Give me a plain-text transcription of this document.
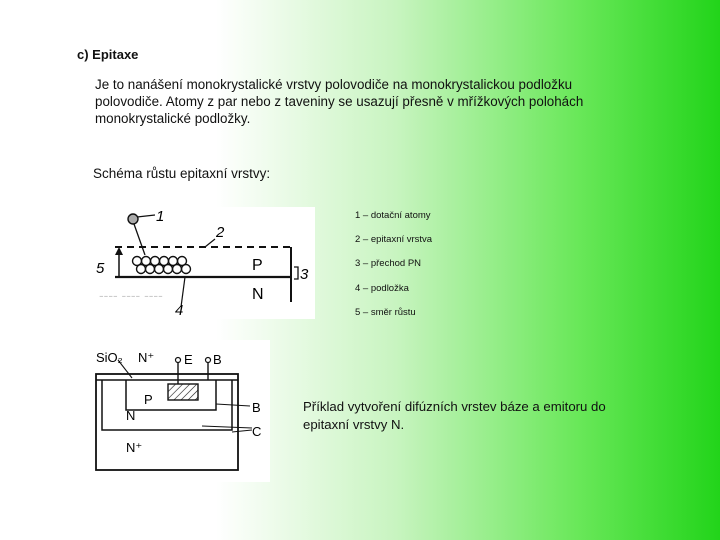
c) Epitaxe
Je to nanášení monokrystalické vrstvy polovodiče na monokrystalickou podložku polovodiče. Atomy z par nebo z taveniny se usazují přesně v mřížkových polohách monokrystalické podložky.
Schéma růstu epitaxní vrstvy:
---- ---- ----
1
2
3
4
5	P
N
1 – dotační atomy
2 – epitaxní vrstva
3 – přechod PN
4 – podložka
5 – směr růstu
SiO₂ N⁺ E B
P
N
B
C
N⁺
Příklad vytvoření difúzních vrstev báze a emitoru do epitaxní vrstvy N.
